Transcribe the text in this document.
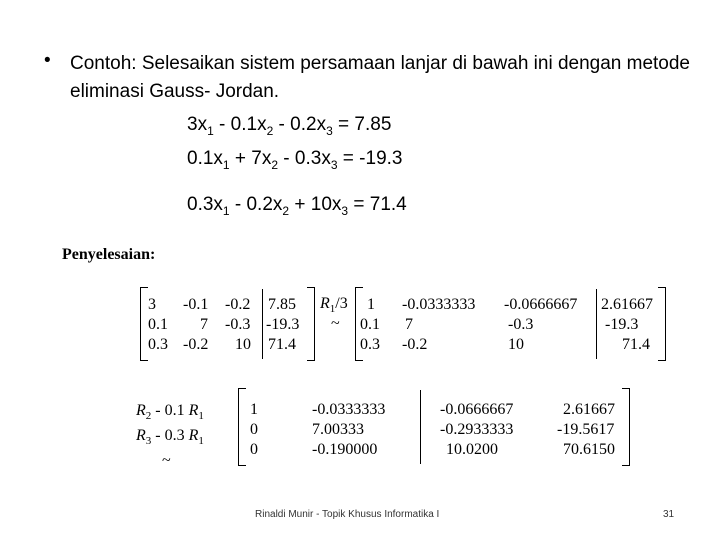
• Contoh: Selesaikan sistem persamaan lanjar di bawah ini dengan metode eliminasi Gauss- Jordan.
$3x_1 - 0.1x_2 - 0.2x_3 = 7.85$
$0.1x_1 + 7x_2 - 0.3x_3 = -19.3$
$0.3x_1 - 0.2x_2 + 10x_3 = 71.4$
Penyelesaian:
3 -0.1 -0.2 7.85
0.1 7 -0.3 -19.3
0.3 -0.2 10 71.4
$R_1/3$
~
1 -0.0333333 -0.0666667 2.61667
0.1 7	-0.3	-19.3
0.3 -0.2	10	71.4
$R_2 - 0.1$ $R_1$
$R_3 - 0.3$ $R_1$
~
1	-0.0333333	-0.0666667	2.61667
0	7.00333	-0.2933333	-19.5617
0	-0.190000	10.0200	70.6150
Rinaldi Munir - Topik Khusus Informatika I	31
